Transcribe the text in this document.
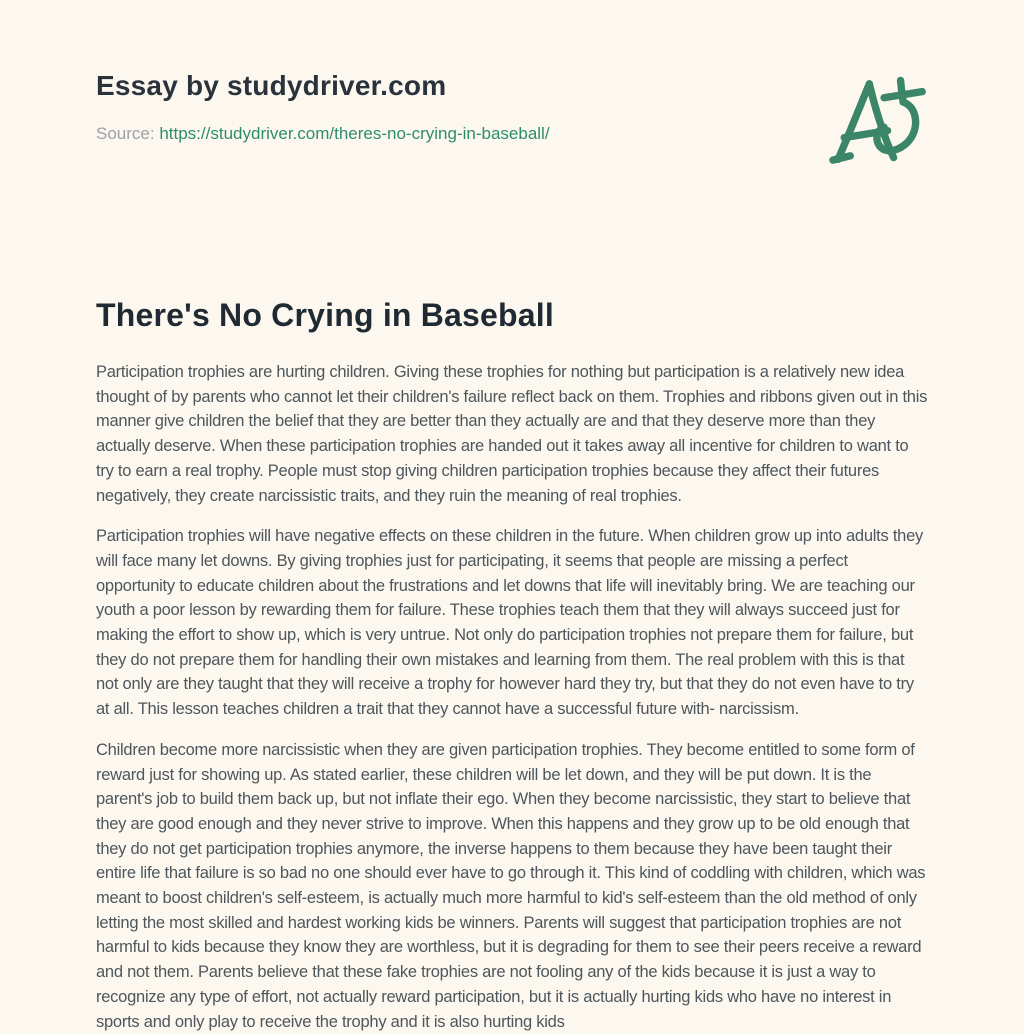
Essay by studydriver.com

Source: https://studydriver.com/theres-no-crying-in-baseball/

There's No Crying in Baseball

Participation trophies are hurting children. Giving these trophies for nothing but participation is a relatively new idea thought of by parents who cannot let their children's failure reflect back on them. Trophies and ribbons given out in this manner give children the belief that they are better than they actually are and that they deserve more than they actually deserve. When these participation trophies are handed out it takes away all incentive for children to want to try to earn a real trophy. People must stop giving children participation trophies because they affect their futures negatively, they create narcissistic traits, and they ruin the meaning of real trophies.

Participation trophies will have negative effects on these children in the future. When children grow up into adults they will face many let downs. By giving trophies just for participating, it seems that people are missing a perfect opportunity to educate children about the frustrations and let downs that life will inevitably bring. We are teaching our youth a poor lesson by rewarding them for failure. These trophies teach them that they will always succeed just for making the effort to show up, which is very untrue. Not only do participation trophies not prepare them for failure, but they do not prepare them for handling their own mistakes and learning from them. The real problem with this is that not only are they taught that they will receive a trophy for however hard they try, but that they do not even have to try at all. This lesson teaches children a trait that they cannot have a successful future with- narcissism.

Children become more narcissistic when they are given participation trophies. They become entitled to some form of reward just for showing up. As stated earlier, these children will be let down, and they will be put down. It is the parent's job to build them back up, but not inflate their ego. When they become narcissistic, they start to believe that they are good enough and they never strive to improve. When this happens and they grow up to be old enough that they do not get participation trophies anymore, the inverse happens to them because they have been taught their entire life that failure is so bad no one should ever have to go through it. This kind of coddling with children, which was meant to boost children's self-esteem, is actually much more harmful to kid's self-esteem than the old method of only letting the most skilled and hardest working kids be winners. Parents will suggest that participation trophies are not harmful to kids because they know they are worthless, but it is degrading for them to see their peers receive a reward and not them. Parents believe that these fake trophies are not fooling any of the kids because it is just a way to recognize any type of effort, not actually reward participation, but it is actually hurting kids who have no interest in sports and only play to receive the trophy and it is also hurting kids
